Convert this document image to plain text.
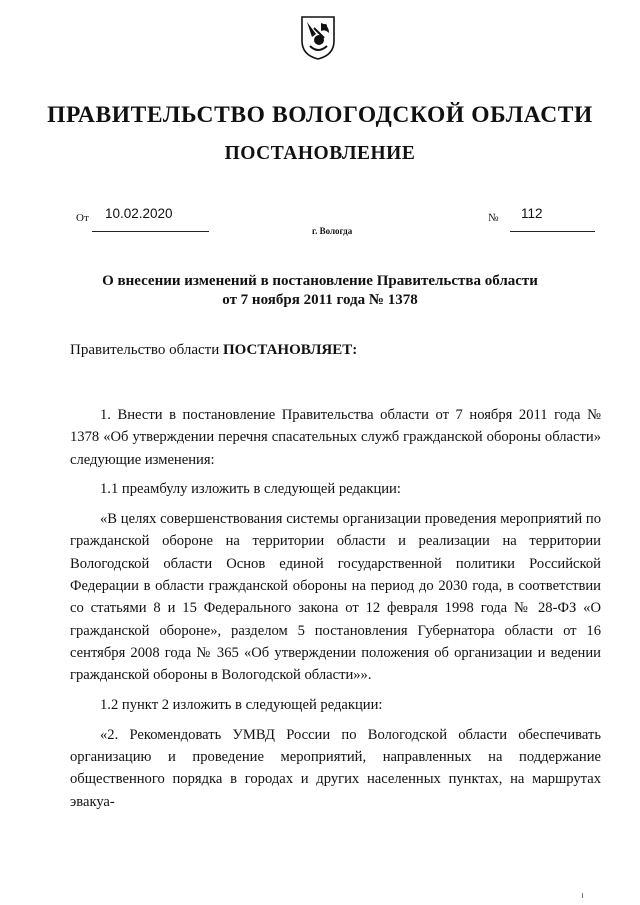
ПРАВИТЕЛЬСТВО ВОЛОГОДСКОЙ ОБЛАСТИ
ПОСТАНОВЛЕНИЕ
От 10.02.2020
г. Вологда
№ 112
О внесении изменений в постановление Правительства области
от 7 ноября 2011 года № 1378
Правительство области ПОСТАНОВЛЯЕТ:

1. Внести в постановление Правительства области от 7 ноября 2011 года № 1378 «Об утверждении перечня спасательных служб гражданской обороны области» следующие изменения:

1.1 преамбулу изложить в следующей редакции:

«В целях совершенствования системы организации проведения мероприятий по гражданской обороне на территории области и реализации на территории Вологодской области Основ единой государственной политики Российской Федерации в области гражданской обороны на период до 2030 года, в соответствии со статьями 8 и 15 Федерального закона от 12 февраля 1998 года № 28-ФЗ «О гражданской обороне», разделом 5 постановления Губернатора области от 16 сентября 2008 года № 365 «Об утверждении положения об организации и ведении гражданской обороны в Вологодской области»».

1.2 пункт 2 изложить в следующей редакции:

«2. Рекомендовать УМВД России по Вологодской области обеспечивать организацию и проведение мероприятий, направленных на поддержание общественного порядка в городах и других населенных пунктах, на маршрутах эвакуа-
